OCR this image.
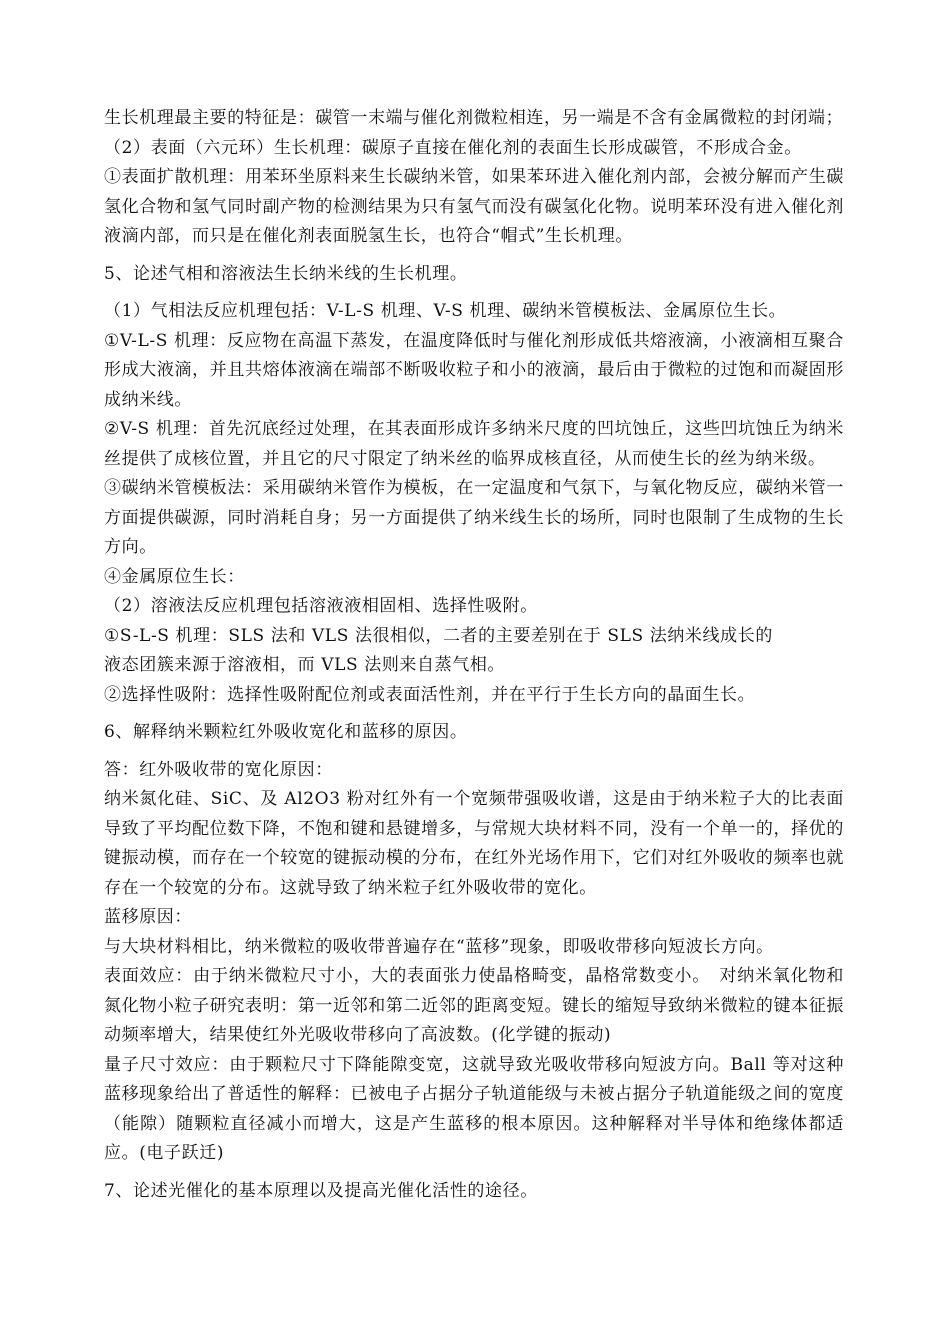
生长机理最主要的特征是：碳管一末端与催化剂微粒相连，另一端是不含有金属微粒的封闭端；

（2）表面（六元环）生长机理：碳原子直接在催化剂的表面生长形成碳管，不形成合金。

①表面扩散机理：用苯环坐原料来生长碳纳米管，如果苯环进入催化剂内部，会被分解而产生碳氢化合物和氢气同时副产物的检测结果为只有氢气而没有碳氢化化物。说明苯环没有进入催化剂液滴内部，而只是在催化剂表面脱氢生长，也符合“帽式”生长机理。

5、论述气相和溶液法生长纳米线的生长机理。

（1）气相法反应机理包括：V-L-S 机理、V-S 机理、碳纳米管模板法、金属原位生长。

①V-L-S 机理：反应物在高温下蒸发，在温度降低时与催化剂形成低共熔液滴，小液滴相互聚合形成大液滴，并且共熔体液滴在端部不断吸收粒子和小的液滴，最后由于微粒的过饱和而凝固形成纳米线。

②V-S 机理：首先沉底经过处理，在其表面形成许多纳米尺度的凹坑蚀丘，这些凹坑蚀丘为纳米丝提供了成核位置，并且它的尺寸限定了纳米丝的临界成核直径，从而使生长的丝为纳米级。

③碳纳米管模板法：采用碳纳米管作为模板，在一定温度和气氛下，与氧化物反应，碳纳米管一方面提供碳源，同时消耗自身；另一方面提供了纳米线生长的场所，同时也限制了生成物的生长方向。

④金属原位生长：

（2）溶液法反应机理包括溶液液相固相、选择性吸附。

①S-L-S 机理：SLS 法和 VLS 法很相似，二者的主要差别在于 SLS 法纳米线成长的

液态团簇来源于溶液相，而 VLS 法则来自蒸气相。

②选择性吸附：选择性吸附配位剂或表面活性剂，并在平行于生长方向的晶面生长。

6、解释纳米颗粒红外吸收宽化和蓝移的原因。

答：红外吸收带的宽化原因：

纳米氮化硅、SiC、及 Al2O3 粉对红外有一个宽频带强吸收谱，这是由于纳米粒子大的比表面导致了平均配位数下降，不饱和键和悬键增多，与常规大块材料不同，没有一个单一的，择优的键振动模，而存在一个较宽的键振动模的分布，在红外光场作用下，它们对红外吸收的频率也就存在一个较宽的分布。这就导致了纳米粒子红外吸收带的宽化。

蓝移原因：

与大块材料相比，纳米微粒的吸收带普遍存在“蓝移”现象，即吸收带移向短波长方向。

表面效应：由于纳米微粒尺寸小，大的表面张力使晶格畸变，晶格常数变小。　对纳米氧化物和氮化物小粒子研究表明：第一近邻和第二近邻的距离变短。键长的缩短导致纳米微粒的键本征振动频率增大，结果使红外光吸收带移向了高波数。(化学键的振动)

量子尺寸效应：由于颗粒尺寸下降能隙变宽，这就导致光吸收带移向短波方向。Ball 等对这种蓝移现象给出了普适性的解释：已被电子占据分子轨道能级与未被占据分子轨道能级之间的宽度（能隙）随颗粒直径减小而增大，这是产生蓝移的根本原因。这种解释对半导体和绝缘体都适应。(电子跃迁)

7、论述光催化的基本原理以及提高光催化活性的途径。
